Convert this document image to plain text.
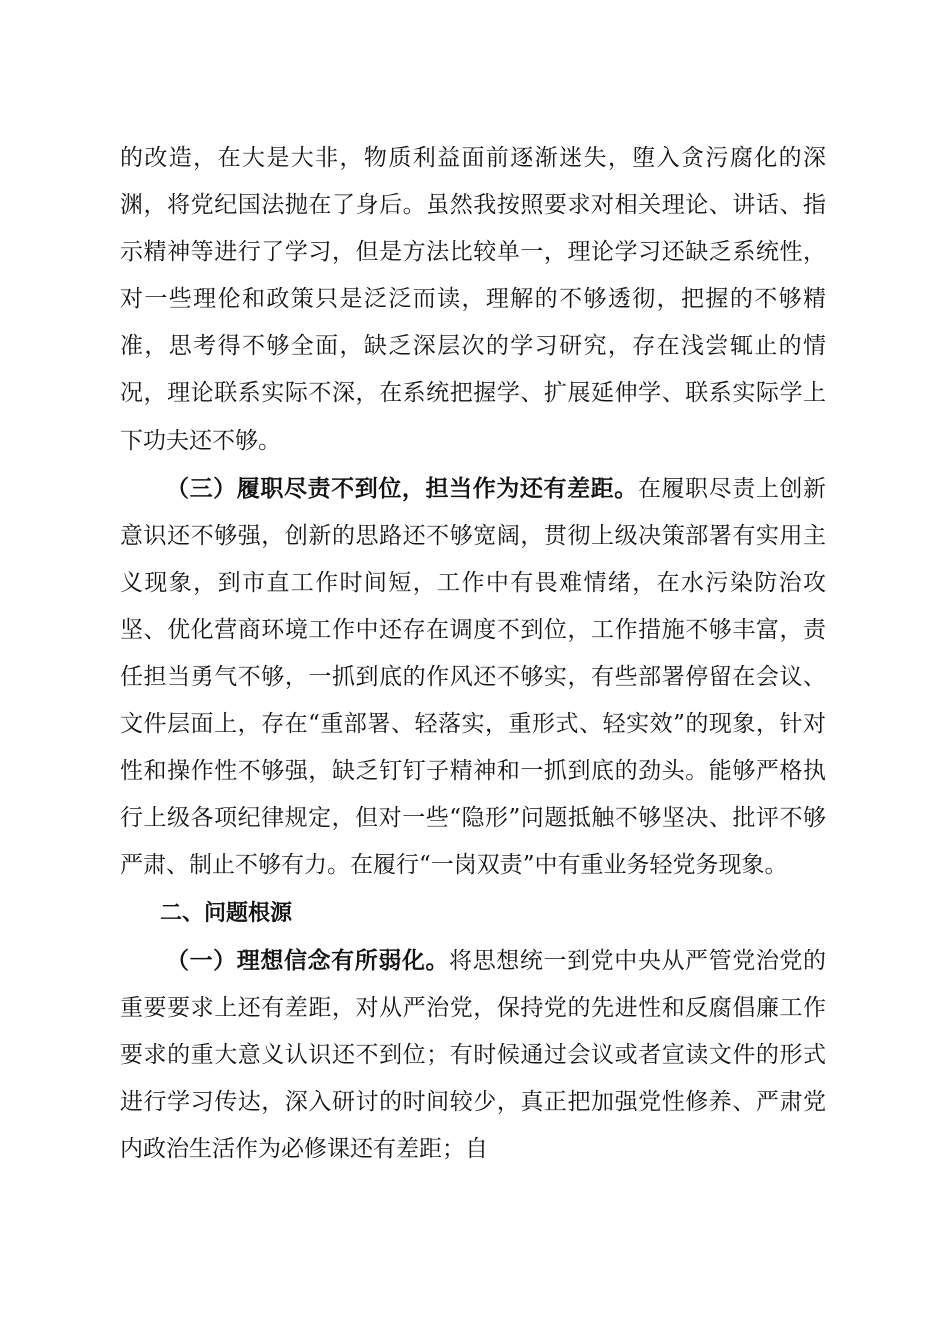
的改造，在大是大非，物质利益面前逐渐迷失，堕入贪污腐化的深渊，将党纪国法抛在了身后。虽然我按照要求对相关理论、讲话、指示精神等进行了学习，但是方法比较单一，理论学习还缺乏系统性，对一些理伦和政策只是泛泛而读，理解的不够透彻，把握的不够精准，思考得不够全面，缺乏深层次的学习研究，存在浅尝辄止的情况，理论联系实际不深，在系统把握学、扩展延伸学、联系实际学上下功夫还不够。

（三）履职尽责不到位，担当作为还有差距。在履职尽责上创新意识还不够强，创新的思路还不够宽阔，贯彻上级决策部署有实用主义现象，到市直工作时间短，工作中有畏难情绪，在水污染防治攻坚、优化营商环境工作中还存在调度不到位，工作措施不够丰富，责任担当勇气不够，一抓到底的作风还不够实，有些部署停留在会议、文件层面上，存在“重部署、轻落实，重形式、轻实效”的现象，针对性和操作性不够强，缺乏钉钉子精神和一抓到底的劲头。能够严格执行上级各项纪律规定，但对一些“隐形”问题抵触不够坚决、批评不够严肃、制止不够有力。在履行“一岗双责”中有重业务轻党务现象。

二、问题根源

（一）理想信念有所弱化。将思想统一到党中央从严管党治党的重要要求上还有差距，对从严治党，保持党的先进性和反腐倡廉工作要求的重大意义认识还不到位；有时候通过会议或者宣读文件的形式进行学习传达，深入研讨的时间较少，真正把加强党性修养、严肃党内政治生活作为必修课还有差距；自
